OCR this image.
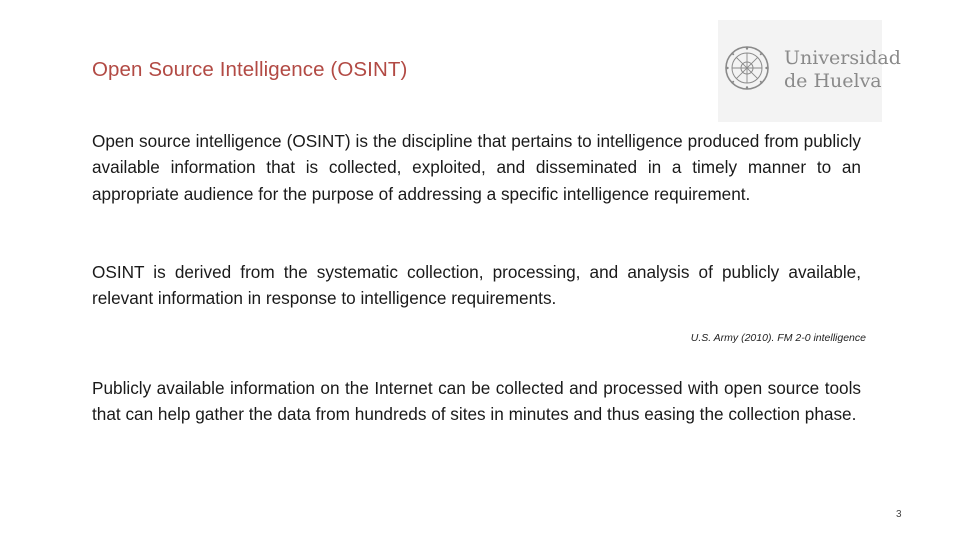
Open Source Intelligence (OSINT)	Universidad
de Huelva

Open source intelligence (OSINT) is the discipline that pertains to intelligence produced from publicly available information that is collected, exploited, and disseminated in a timely manner to an appropriate audience for the purpose of addressing a specific intelligence requirement.

OSINT is derived from the systematic collection, processing, and analysis of publicly available, relevant information in response to intelligence requirements.

U.S. Army (2010). FM 2-0 intelligence

Publicly available information on the Internet can be collected and processed with open source tools that can help gather the data from hundreds of sites in minutes and thus easing the collection phase.

3
